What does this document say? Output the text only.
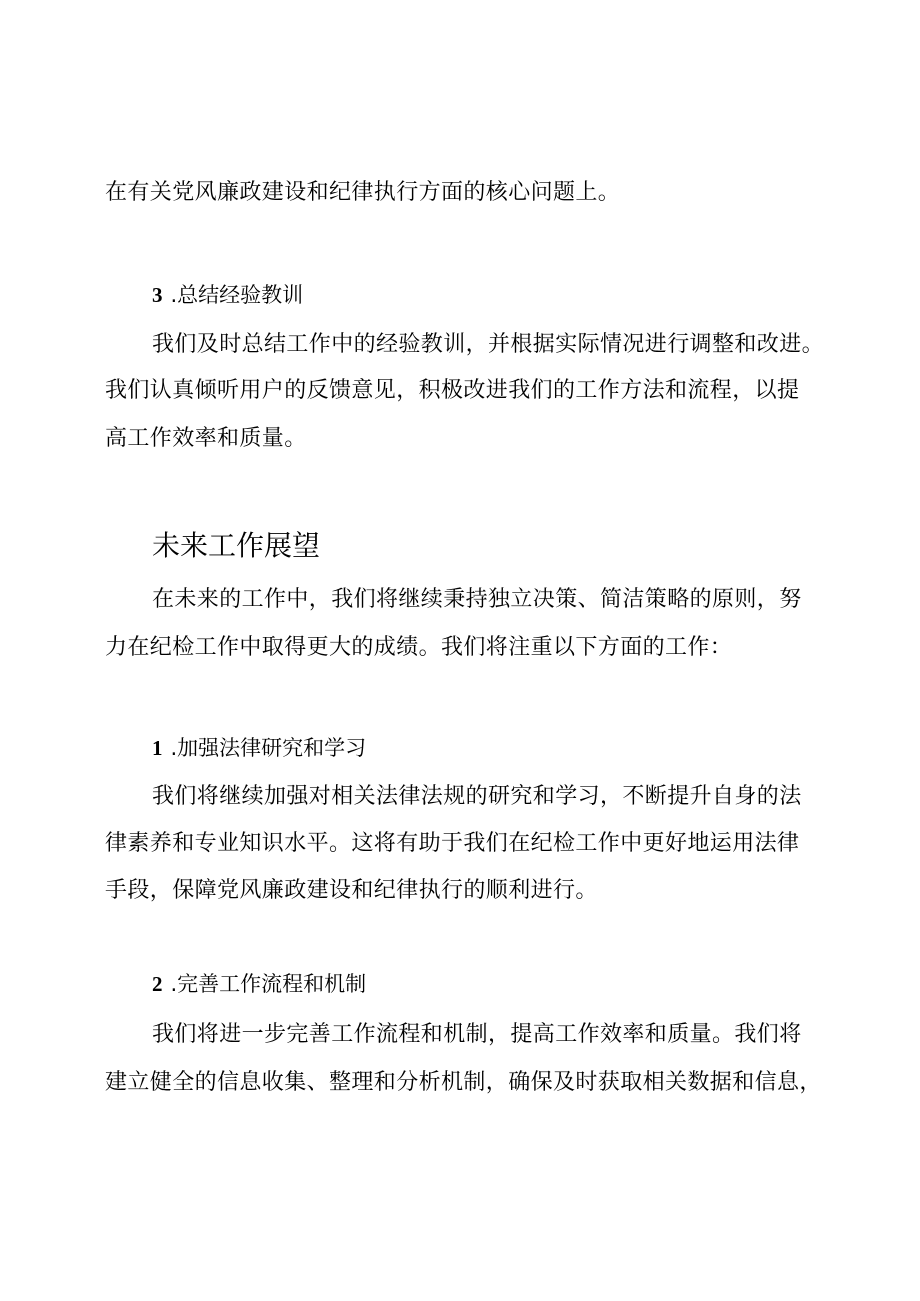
在有关党风廉政建设和纪律执行方面的核心问题上。
3 .总结经验教训
我们及时总结工作中的经验教训，并根据实际情况进行调整和改进。
我们认真倾听用户的反馈意见，积极改进我们的工作方法和流程，以提
高工作效率和质量。
未来工作展望
在未来的工作中，我们将继续秉持独立决策、简洁策略的原则，努
力在纪检工作中取得更大的成绩。我们将注重以下方面的工作：
1 .加强法律研究和学习
我们将继续加强对相关法律法规的研究和学习，不断提升自身的法
律素养和专业知识水平。这将有助于我们在纪检工作中更好地运用法律
手段，保障党风廉政建设和纪律执行的顺利进行。
2 .完善工作流程和机制
我们将进一步完善工作流程和机制，提高工作效率和质量。我们将
建立健全的信息收集、整理和分析机制，确保及时获取相关数据和信息，
